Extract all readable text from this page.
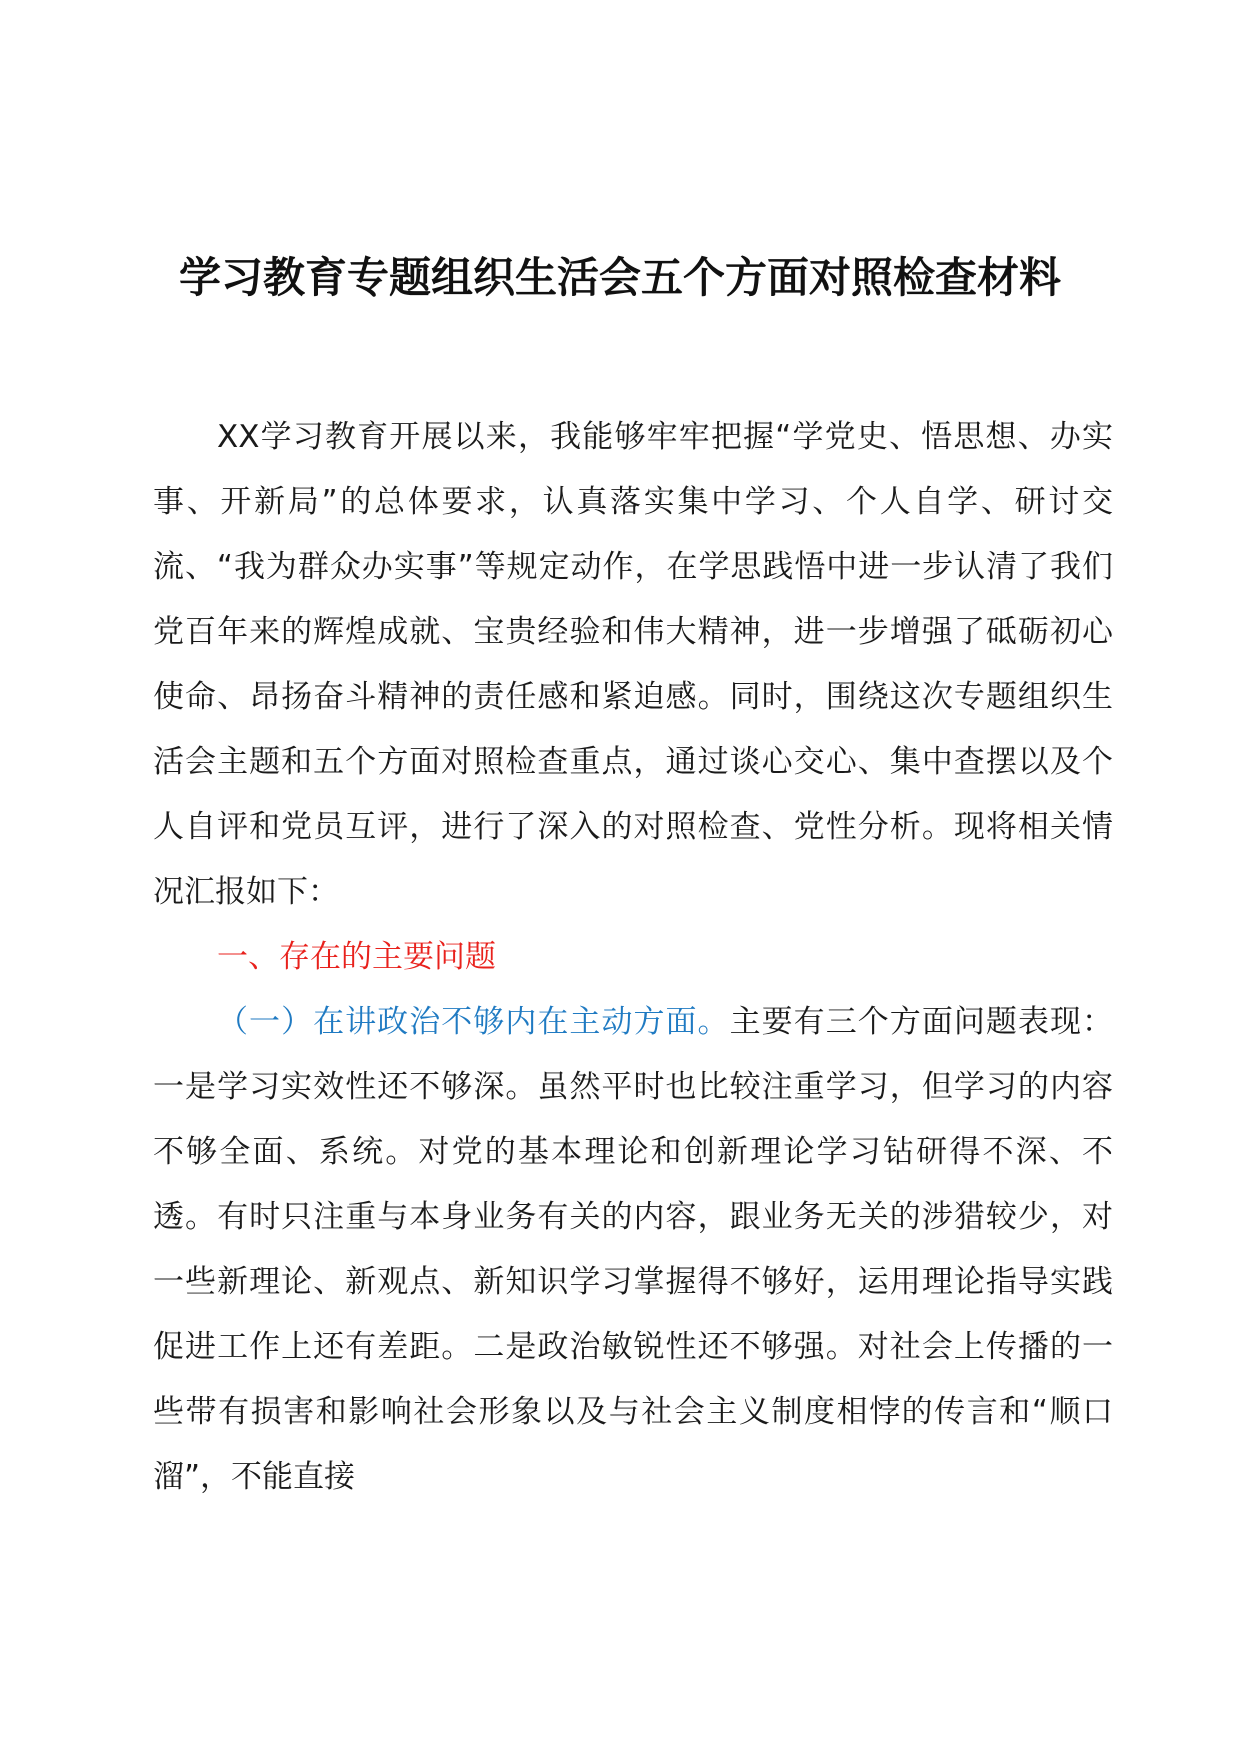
学习教育专题组织生活会五个方面对照检查材料

XX学习教育开展以来，我能够牢牢把握“学党史、悟思想、办实事、开新局”的总体要求，认真落实集中学习、个人自学、研讨交流、“我为群众办实事”等规定动作，在学思践悟中进一步认清了我们党百年来的辉煌成就、宝贵经验和伟大精神，进一步增强了砥砺初心使命、昂扬奋斗精神的责任感和紧迫感。同时，围绕这次专题组织生活会主题和五个方面对照检查重点，通过谈心交心、集中查摆以及个人自评和党员互评，进行了深入的对照检查、党性分析。现将相关情况汇报如下：

一、存在的主要问题

（一）在讲政治不够内在主动方面。主要有三个方面问题表现：一是学习实效性还不够深。虽然平时也比较注重学习，但学习的内容不够全面、系统。对党的基本理论和创新理论学习钻研得不深、不透。有时只注重与本身业务有关的内容，跟业务无关的涉猎较少，对一些新理论、新观点、新知识学习掌握得不够好，运用理论指导实践促进工作上还有差距。二是政治敏锐性还不够强。对社会上传播的一些带有损害和影响社会形象以及与社会主义制度相悖的传言和“顺口溜”，不能直接
